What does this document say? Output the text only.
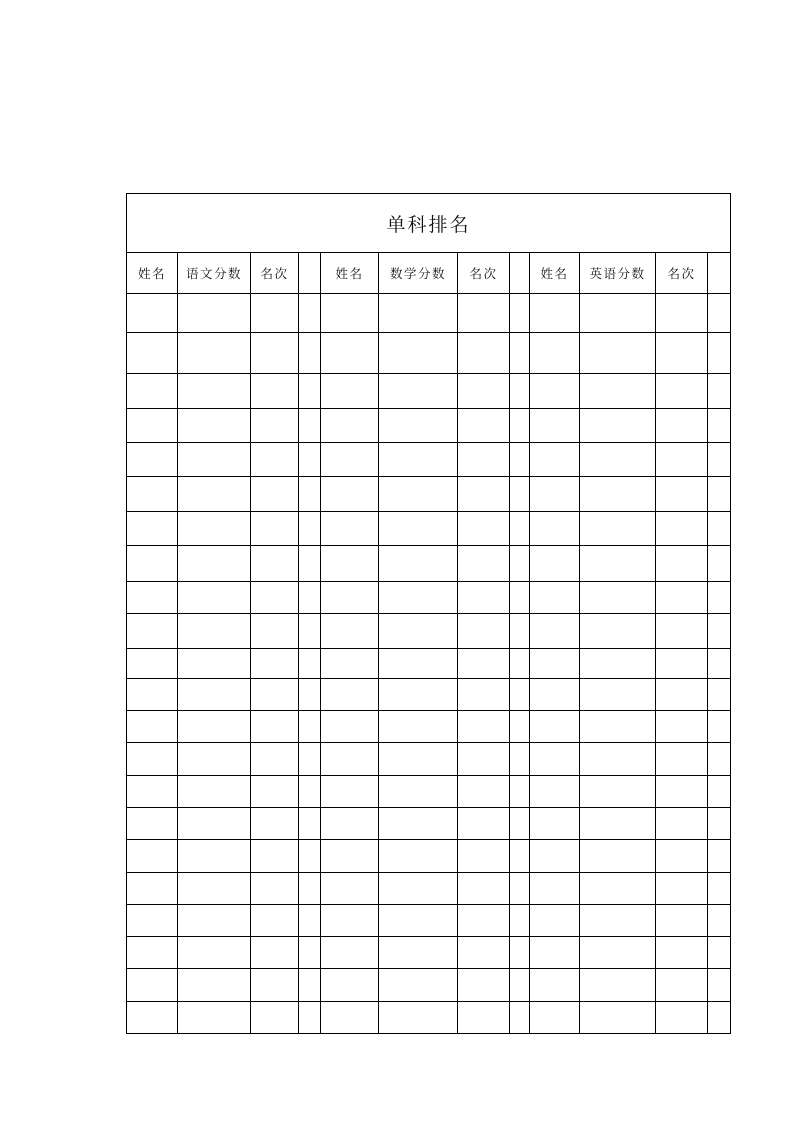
单科排名											
姓名	语文分数	名次		姓名	数学分数	名次		姓名	英语分数	名次	
